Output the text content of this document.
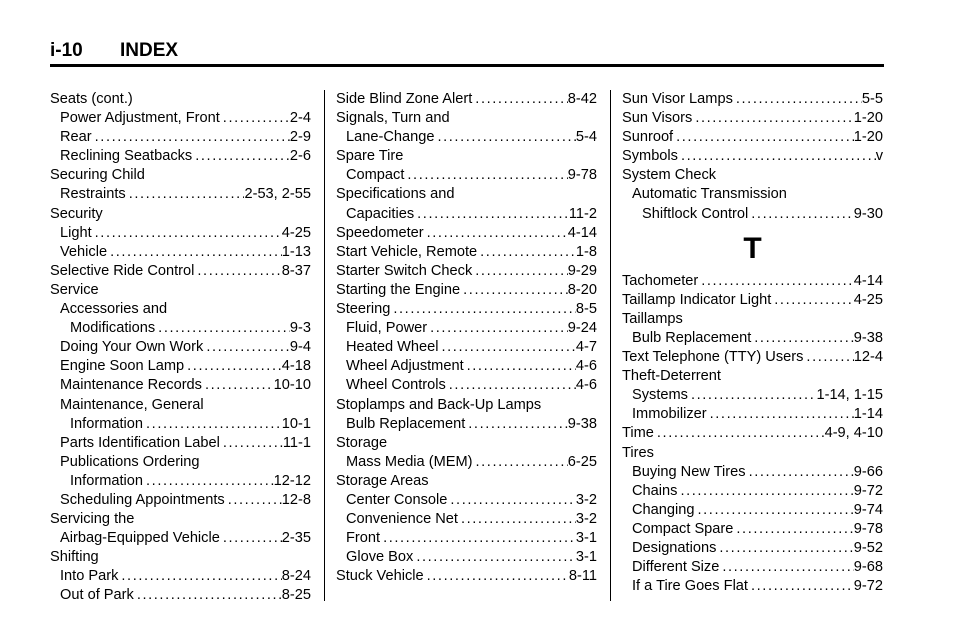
i-10 INDEX
Seats (cont.)
Power Adjustment, Front .....	2-4
Rear .....	2-9
Reclining Seatbacks .....	2-6
Securing Child
Restraints .....	2-53, 2-55
Security
Light .....	4-25
Vehicle .....	1-13
Selective Ride Control .....	8-37
Service
Accessories and
Modifications .....	9-3
Doing Your Own Work .....	9-4
Engine Soon Lamp .....	4-18
Maintenance Records .....	10-10
Maintenance, General
Information .....	10-1
Parts Identification Label .....	11-1
Publications Ordering
Information .....	12-12
Scheduling Appointments .....	12-8
Servicing the
Airbag-Equipped Vehicle .....	2-35
Shifting
Into Park .....	8-24
Out of Park .....	8-25
Side Blind Zone Alert .....	8-42
Signals, Turn and
Lane-Change .....	5-4
Spare Tire
Compact .....	9-78
Specifications and
Capacities .....	11-2
Speedometer .....	4-14
Start Vehicle, Remote .....	1-8
Starter Switch Check .....	9-29
Starting the Engine .....	8-20
Steering .....	8-5
Fluid, Power .....	9-24
Heated Wheel .....	4-7
Wheel Adjustment .....	4-6
Wheel Controls .....	4-6
Stoplamps and Back-Up Lamps
Bulb Replacement .....	9-38
Storage
Mass Media (MEM) .....	6-25
Storage Areas
Center Console .....	3-2
Convenience Net .....	3-2
Front .....	3-1
Glove Box .....	3-1
Stuck Vehicle .....	8-11
Sun Visor Lamps .....	5-5
Sun Visors .....	1-20
Sunroof .....	1-20
Symbols .....	v
System Check
Automatic Transmission
Shiftlock Control .....	9-30
T
Tachometer .....	4-14
Taillamp Indicator Light .....	4-25
Taillamps
Bulb Replacement .....	9-38
Text Telephone (TTY) Users .....	12-4
Theft-Deterrent
Systems .....	1-14, 1-15
Immobilizer .....	1-14
Time .....	4-9, 4-10
Tires
Buying New Tires .....	9-66
Chains .....	9-72
Changing .....	9-74
Compact Spare .....	9-78
Designations .....	9-52
Different Size .....	9-68
If a Tire Goes Flat .....	9-72
